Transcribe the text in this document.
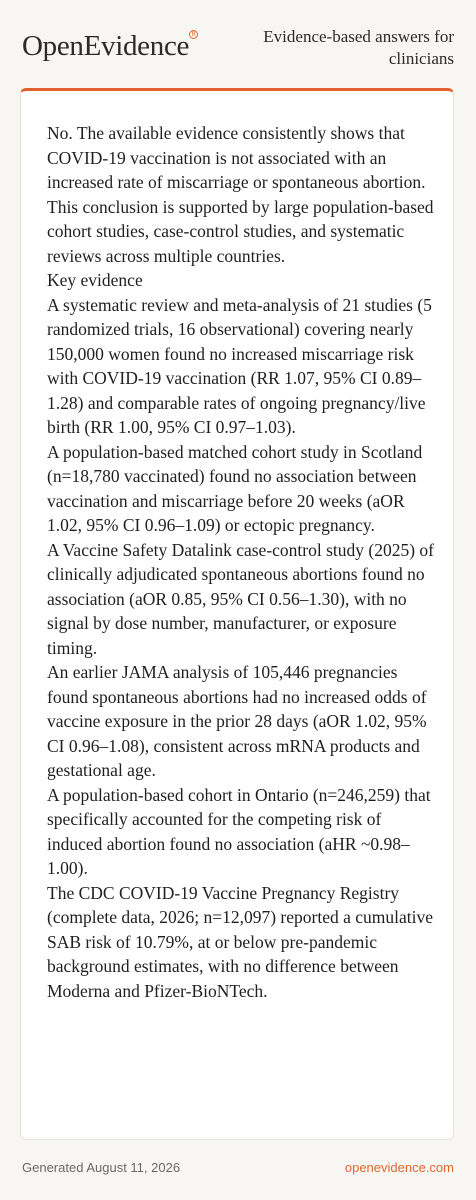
OpenEvidence R	Evidence-based answers for clinicians

No. The available evidence consistently shows that COVID-19 vaccination is not associated with an increased rate of miscarriage or spontaneous abortion. This conclusion is supported by large population-based cohort studies, case-control studies, and systematic reviews across multiple countries.

Key evidence

A systematic review and meta-analysis of 21 studies (5 randomized trials, 16 observational) covering nearly 150,000 women found no increased miscarriage risk with COVID-19 vaccination (RR 1.07, 95% CI 0.89–1.28) and comparable rates of ongoing pregnancy/live birth (RR 1.00, 95% CI 0.97–1.03).

A population-based matched cohort study in Scotland (n=18,780 vaccinated) found no association between vaccination and miscarriage before 20 weeks (aOR 1.02, 95% CI 0.96–1.09) or ectopic pregnancy.

A Vaccine Safety Datalink case-control study (2025) of clinically adjudicated spontaneous abortions found no association (aOR 0.85, 95% CI 0.56–1.30), with no signal by dose number, manufacturer, or exposure timing.

An earlier JAMA analysis of 105,446 pregnancies found spontaneous abortions had no increased odds of vaccine exposure in the prior 28 days (aOR 1.02, 95% CI 0.96–1.08), consistent across mRNA products and gestational age.

A population-based cohort in Ontario (n=246,259) that specifically accounted for the competing risk of induced abortion found no association (aHR ~0.98–1.00).

The CDC COVID-19 Vaccine Pregnancy Registry (complete data, 2026; n=12,097) reported a cumulative SAB risk of 10.79%, at or below pre-pandemic background estimates, with no difference between Moderna and Pfizer-BioNTech.

Generated August 11, 2026	openevidence.com
